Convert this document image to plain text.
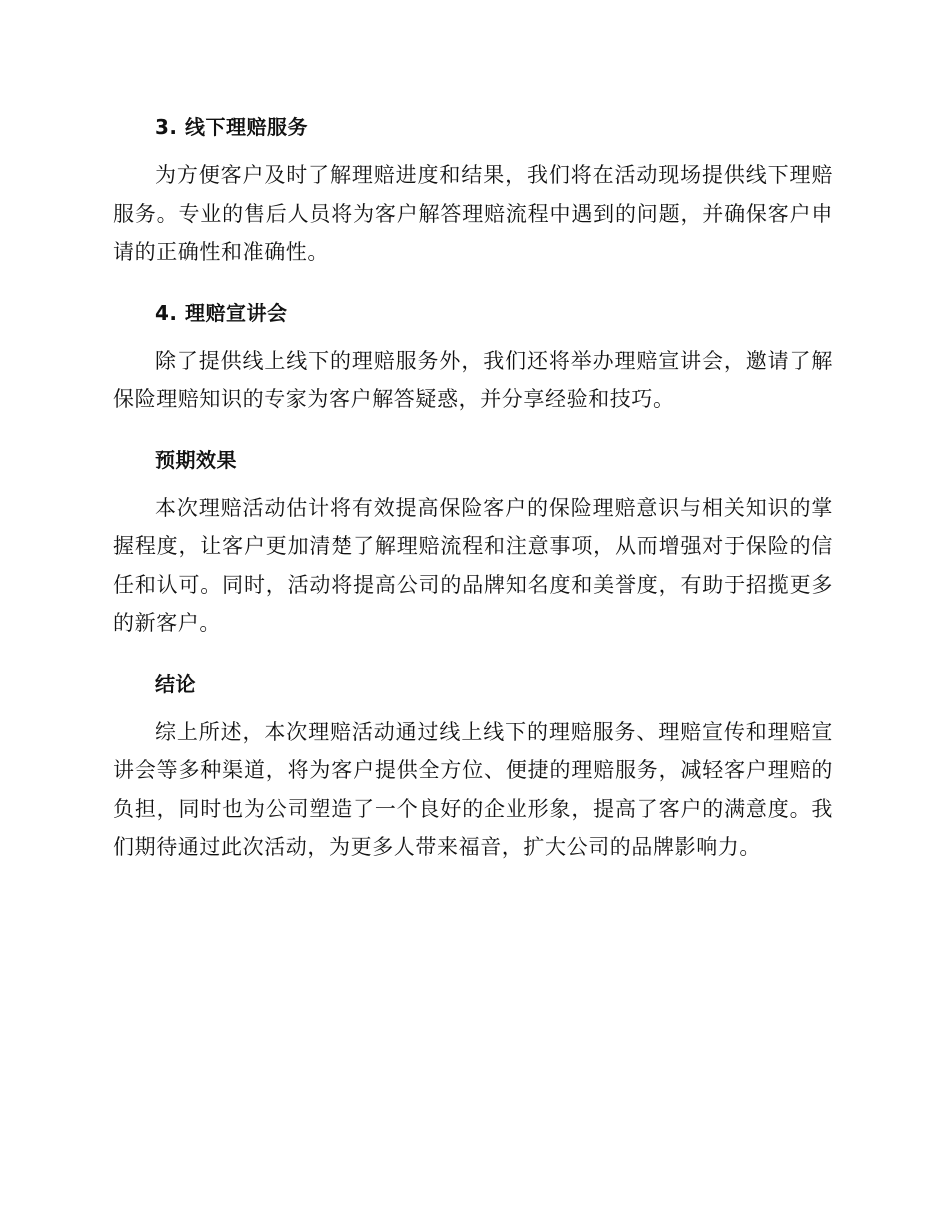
3. 线下理赔服务

为方便客户及时了解理赔进度和结果，我们将在活动现场提供线下理赔服务。专业的售后人员将为客户解答理赔流程中遇到的问题，并确保客户申请的正确性和准确性。

4. 理赔宣讲会

除了提供线上线下的理赔服务外，我们还将举办理赔宣讲会，邀请了解保险理赔知识的专家为客户解答疑惑，并分享经验和技巧。

预期效果

本次理赔活动估计将有效提高保险客户的保险理赔意识与相关知识的掌握程度，让客户更加清楚了解理赔流程和注意事项，从而增强对于保险的信任和认可。同时，活动将提高公司的品牌知名度和美誉度，有助于招揽更多的新客户。

结论

综上所述，本次理赔活动通过线上线下的理赔服务、理赔宣传和理赔宣讲会等多种渠道，将为客户提供全方位、便捷的理赔服务，减轻客户理赔的负担，同时也为公司塑造了一个良好的企业形象，提高了客户的满意度。我们期待通过此次活动，为更多人带来福音，扩大公司的品牌影响力。
